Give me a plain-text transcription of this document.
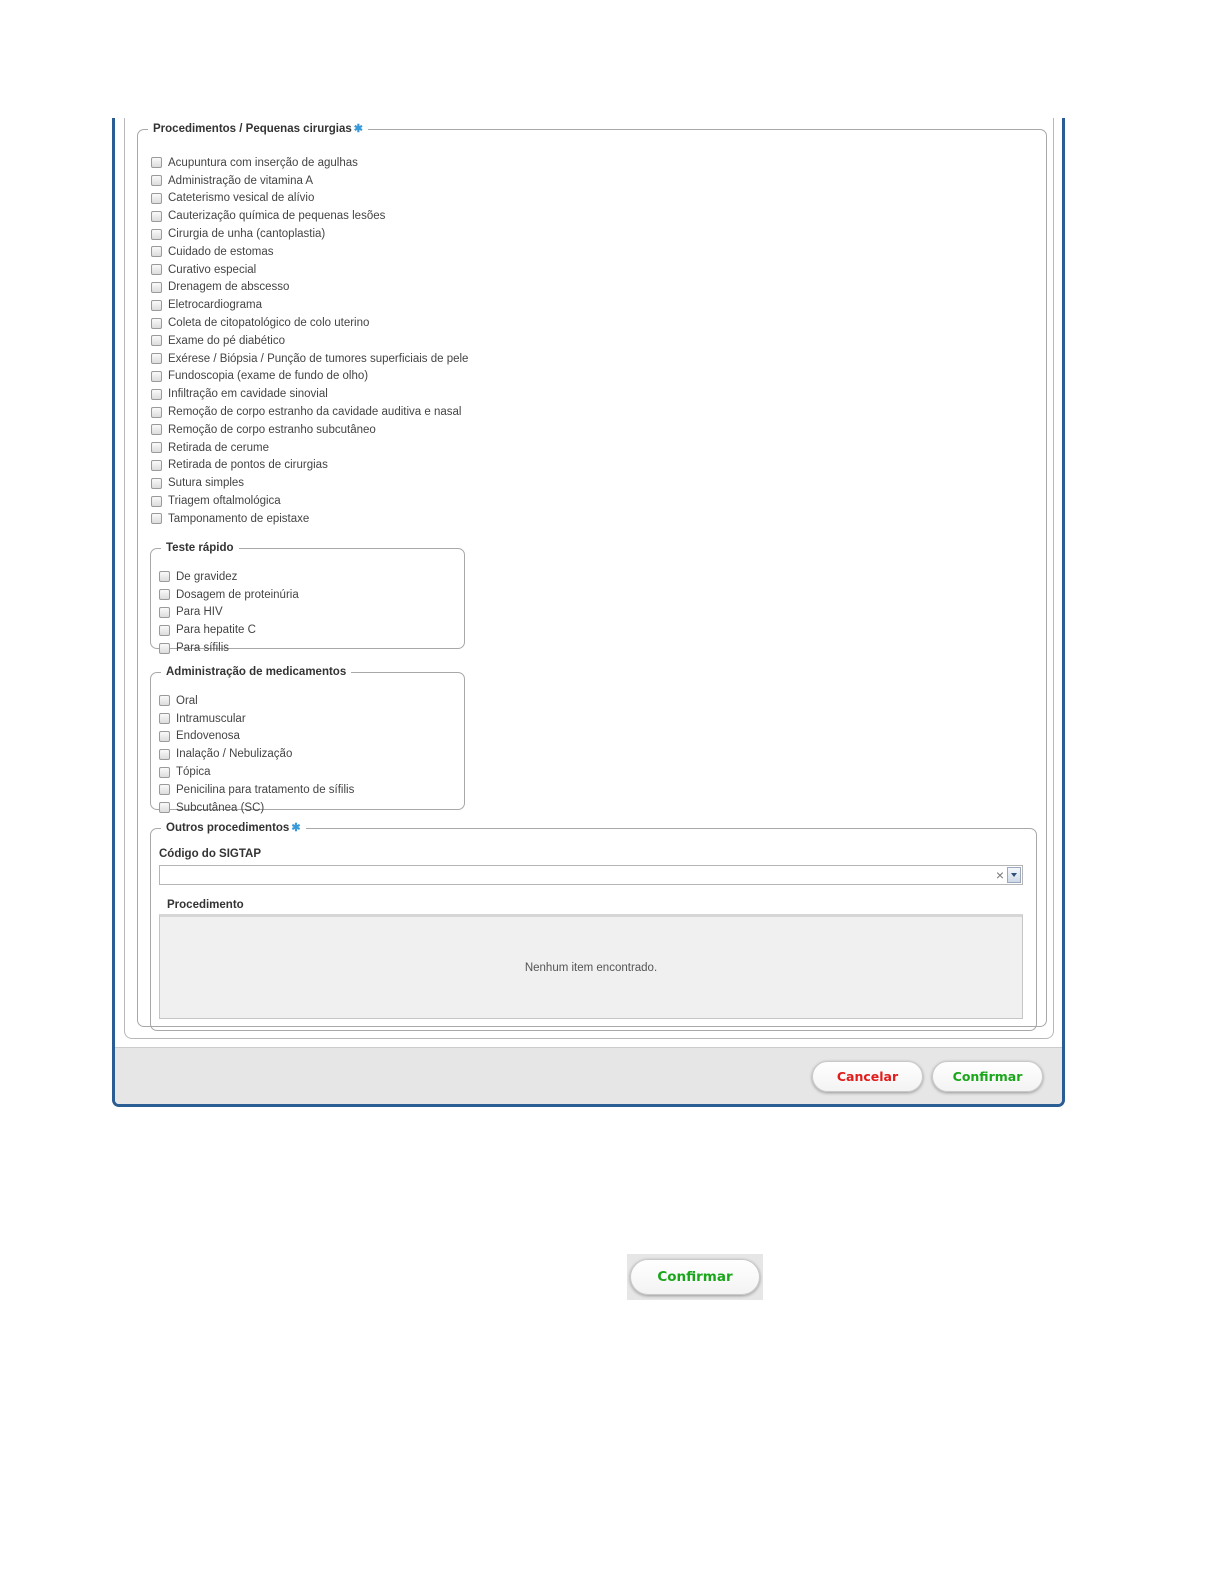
Procedimentos / Pequenas cirurgias ✱
Acupuntura com inserção de agulhas
Administração de vitamina A
Cateterismo vesical de alívio
Cauterização química de pequenas lesões
Cirurgia de unha (cantoplastia)
Cuidado de estomas
Curativo especial
Drenagem de abscesso
Eletrocardiograma
Coleta de citopatológico de colo uterino
Exame do pé diabético
Exérese / Biópsia / Punção de tumores superficiais de pele
Fundoscopia (exame de fundo de olho)
Infiltração em cavidade sinovial
Remoção de corpo estranho da cavidade auditiva e nasal
Remoção de corpo estranho subcutâneo
Retirada de cerume
Retirada de pontos de cirurgias
Sutura simples
Triagem oftalmológica
Tamponamento de epistaxe
Teste rápido
De gravidez
Dosagem de proteinúria
Para HIV
Para hepatite C
Para sífilis
Administração de medicamentos
Oral
Intramuscular
Endovenosa
Inalação / Nebulização
Tópica
Penicilina para tratamento de sífilis
Subcutânea (SC)
Outros procedimentos ✱
Código do SIGTAP
×
Procedimento
Nenhum item encontrado.
Cancelar	Confirmar
Confirmar
